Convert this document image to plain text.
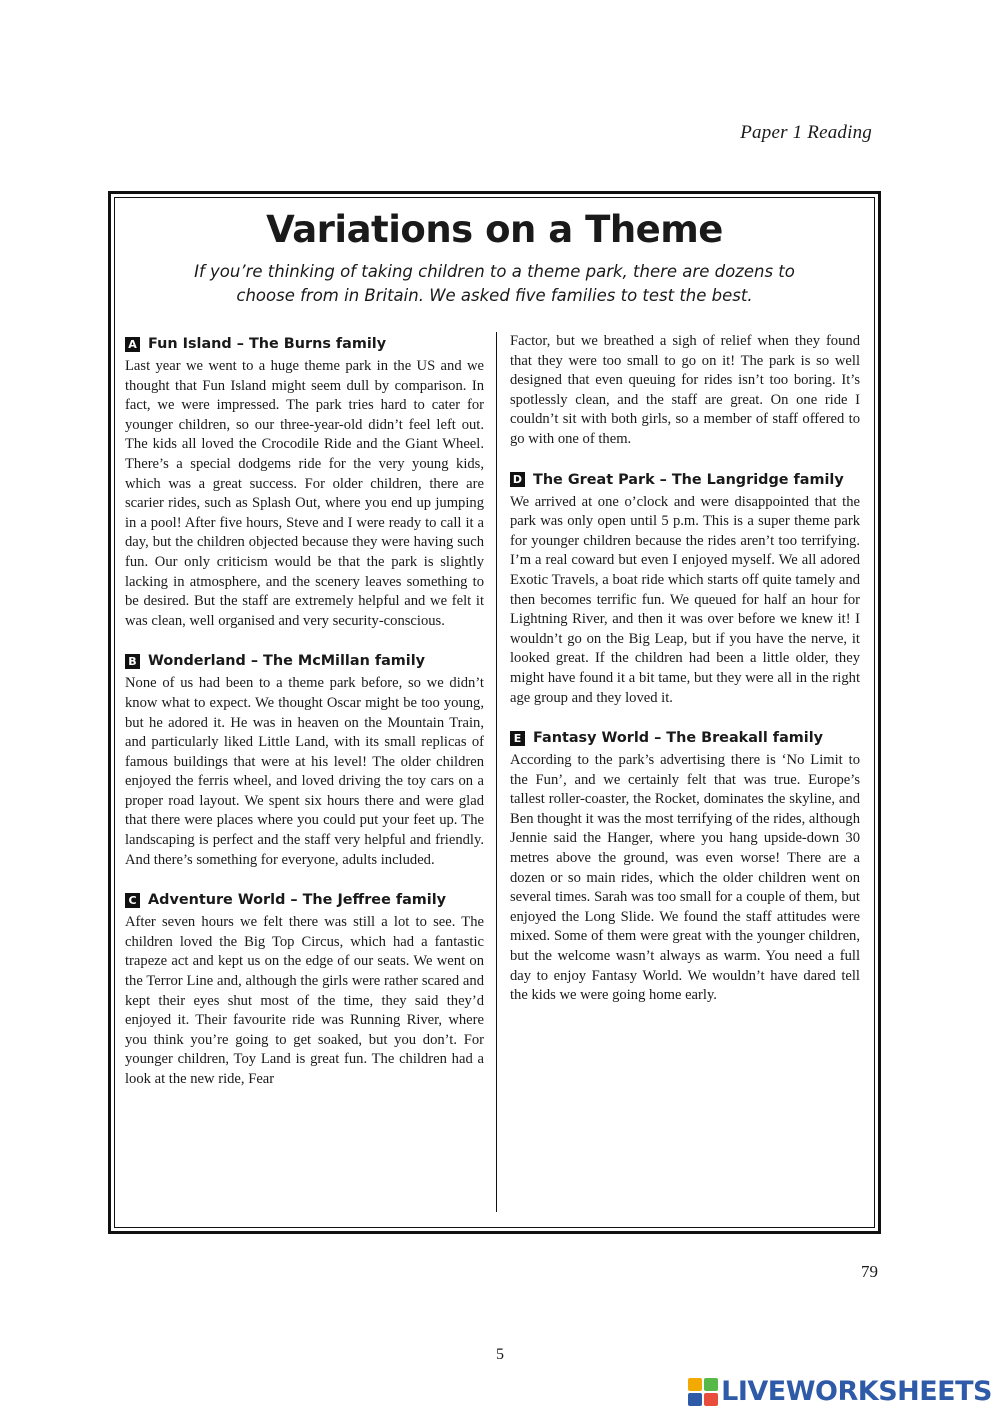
Paper 1 Reading
Variations on a Theme
If you’re thinking of taking children to a theme park, there are dozens to
choose from in Britain. We asked five families to test the best.
A Fun Island – The Burns family

Last year we went to a huge theme park in the US and we thought that Fun Island might seem dull by comparison. In fact, we were impressed. The park tries hard to cater for younger children, so our three-year-old didn’t feel left out. The kids all loved the Crocodile Ride and the Giant Wheel. There’s a special dodgems ride for the very young kids, which was a great success. For older children, there are scarier rides, such as Splash Out, where you end up jumping in a pool! After five hours, Steve and I were ready to call it a day, but the children objected because they were having such fun. Our only criticism would be that the park is slightly lacking in atmosphere, and the scenery leaves something to be desired. But the staff are extremely helpful and we felt it was clean, well organised and very security-conscious.

B Wonderland – The McMillan family

None of us had been to a theme park before, so we didn’t know what to expect. We thought Oscar might be too young, but he adored it. He was in heaven on the Mountain Train, and particularly liked Little Land, with its small replicas of famous buildings that were at his level! The older children enjoyed the ferris wheel, and loved driving the toy cars on a proper road layout. We spent six hours there and were glad that there were places where you could put your feet up. The landscaping is perfect and the staff very helpful and friendly. And there’s something for everyone, adults included.

C Adventure World – The Jeffree family

After seven hours we felt there was still a lot to see. The children loved the Big Top Circus, which had a fantastic trapeze act and kept us on the edge of our seats. We went on the Terror Line and, although the girls were rather scared and kept their eyes shut most of the time, they said they’d enjoyed it. Their favourite ride was Running River, where you think you’re going to get soaked, but you don’t. For younger children, Toy Land is great fun. The children had a look at the new ride, Fear

Factor, but we breathed a sigh of relief when they found that they were too small to go on it! The park is so well designed that even queuing for rides isn’t too boring. It’s spotlessly clean, and the staff are great. On one ride I couldn’t sit with both girls, so a member of staff offered to go with one of them.

D The Great Park – The Langridge family

We arrived at one o’clock and were disappointed that the park was only open until 5 p.m. This is a super theme park for younger children because the rides aren’t too terrifying. I’m a real coward but even I enjoyed myself. We all adored Exotic Travels, a boat ride which starts off quite tamely and then becomes terrific fun. We queued for half an hour for Lightning River, and then it was over before we knew it! I wouldn’t go on the Big Leap, but if you have the nerve, it looked great. If the children had been a little older, they might have found it a bit tame, but they were all in the right age group and they loved it.

E Fantasy World – The Breakall family

According to the park’s advertising there is ‘No Limit to the Fun’, and we certainly felt that was true. Europe’s tallest roller-coaster, the Rocket, dominates the skyline, and Ben thought it was the most terrifying of the rides, although Jennie said the Hanger, where you hang upside-down 30 metres above the ground, was even worse! There are a dozen or so main rides, which the older children went on several times. Sarah was too small for a couple of them, but enjoyed the Long Slide. We found the staff attitudes were mixed. Some of them were great with the younger children, but the welcome wasn’t always as warm. You need a full day to enjoy Fantasy World. We wouldn’t have dared tell the kids we were going home early.

79
5
LIVEWORKSHEETS
